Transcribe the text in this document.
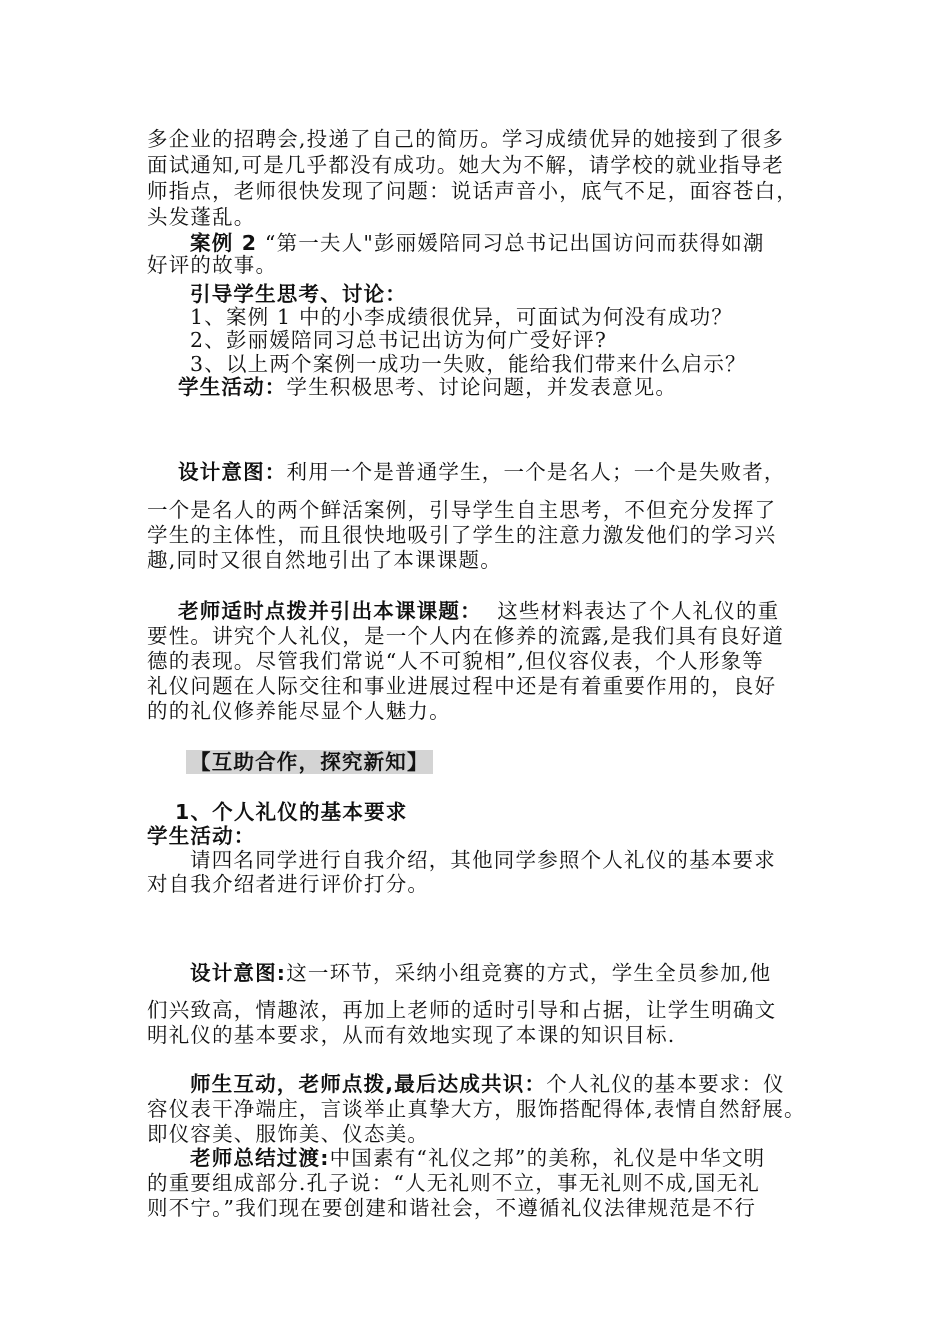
多企业的招聘会,投递了自己的简历。学习成绩优异的她接到了很多
面试通知,可是几乎都没有成功。她大为不解，请学校的就业指导老
师指点，老师很快发现了问题：说话声音小，底气不足，面容苍白，
头发蓬乱。
案例 2 “第一夫人"彭丽媛陪同习总书记出国访问而获得如潮
好评的故事。
引导学生思考、讨论：
1、案例 1 中的小李成绩很优异，可面试为何没有成功？
2、彭丽媛陪同习总书记出访为何广受好评?
3、以上两个案例一成功一失败，能给我们带来什么启示？
学生活动：学生积极思考、讨论问题，并发表意见。
设计意图：利用一个是普通学生，一个是名人；一个是失败者，
一个是名人的两个鲜活案例，引导学生自主思考，不但充分发挥了
学生的主体性，而且很快地吸引了学生的注意力激发他们的学习兴
趣,同时又很自然地引出了本课课题。
老师适时点拨并引出本课课题： 这些材料表达了个人礼仪的重
要性。讲究个人礼仪，是一个人内在修养的流露,是我们具有良好道
德的表现。尽管我们常说“人不可貌相”,但仪容仪表，个人形象等
礼仪问题在人际交往和事业进展过程中还是有着重要作用的，良好
的的礼仪修养能尽显个人魅力。
【互助合作，探究新知】
1、个人礼仪的基本要求
学生活动：
请四名同学进行自我介绍，其他同学参照个人礼仪的基本要求
对自我介绍者进行评价打分。
设计意图:这一环节，采纳小组竞赛的方式，学生全员参加,他
们兴致高，情趣浓，再加上老师的适时引导和占据，让学生明确文
明礼仪的基本要求，从而有效地实现了本课的知识目标.
师生互动，老师点拨,最后达成共识：个人礼仪的基本要求：仪
容仪表干净端庄，言谈举止真挚大方，服饰搭配得体,表情自然舒展。
即仪容美、服饰美、仪态美。
老师总结过渡:中国素有“礼仪之邦”的美称，礼仪是中华文明
的重要组成部分.孔子说：“人无礼则不立，事无礼则不成,国无礼
则不宁。”我们现在要创建和谐社会，不遵循礼仪法律规范是不行
